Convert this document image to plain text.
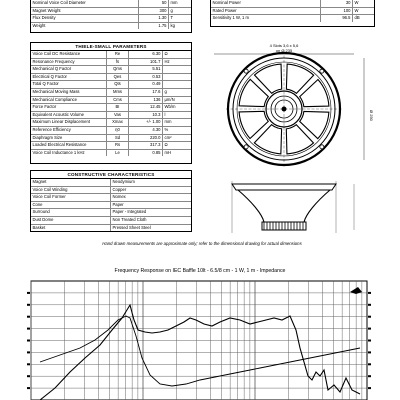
Nominal Voice Coil Diameter	50 mm
Magnet Weight	300 g
Flux Density	1.30 T
Weight	1.75 kg
Nominal Power	30 W
Rated Power	100 W
Sensitivity 1 W, 1 m	96.5 dB
THIELE-SMALL PARAMETERS
Voice Coil DC Resistance	Re	6.30 Ω
Resonance Frequency	fs	101.7 Hz
Mechanical Q Factor	Qms	5.51
Electrical Q Factor	Qes	0.53
Total Q Factor	Qts	0.49
Mechanical Moving Mass	Mms	17.6 g
Mechanical Compliance	Cms	136 µm/N
Force Factor	BI	12.45 Wb/m
Equivalent Acoustic Volume	Vas	10.3 l
Maximum Linear Displacement	Xmax	+/- 1.00 mm
Reference Efficiency	η0	4.30 %
Diaphragm Size	Sd	220.0 cm²
Loaded Electrical Resistance	Rs	317.3 Ω
Voice Coil Inductance 1 kHz	Le	0.85 mH
CONSTRUCTIVE CHARACTERISTICS
Magnet	Neodymium
Voice Coil Winding	Copper
Voice Coil Former	Nomex
Cone	Paper
Surround	Paper - Integrated
Dust Dome	Non Treated Cloth
Basket	Pressed Sheet Steel
4 Slots 3,6 x 5,6
on Ø 235
Ø 250
Hand drawn measurements are approximate only; refer to the dimensional drawing for actual dimensions
Frequency Response on IEC Baffle 10lt - 6.5/8 cm - 1 W, 1 m - Impedance
